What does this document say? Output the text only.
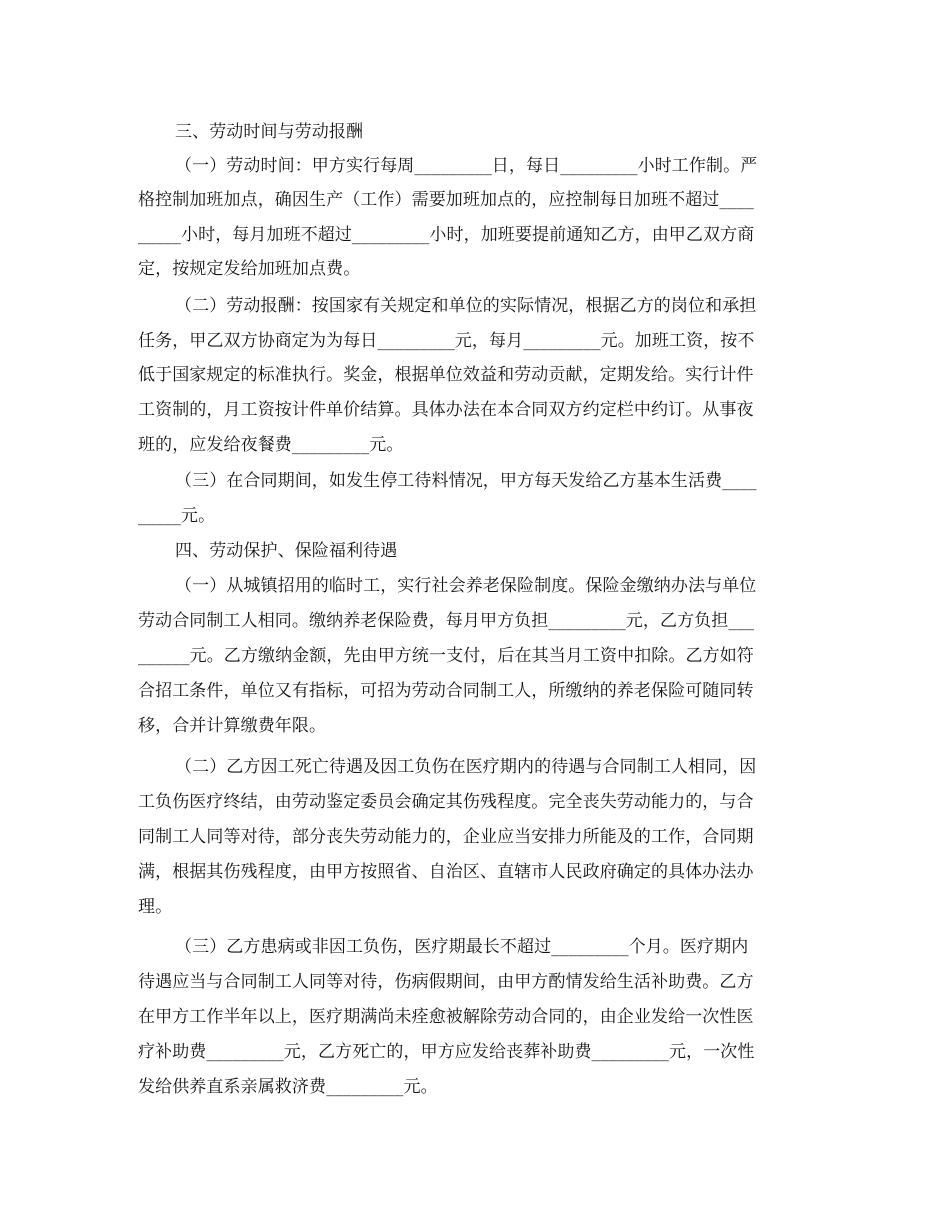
三、劳动时间与劳动报酬
（一）劳动时间：甲方实行每周_________日，每日_________小时工作制。严
格控制加班加点，确因生产（工作）需要加班加点的，应控制每日加班不超过____
_____小时，每月加班不超过_________小时，加班要提前通知乙方，由甲乙双方商
定，按规定发给加班加点费。
（二）劳动报酬：按国家有关规定和单位的实际情况，根据乙方的岗位和承担
任务，甲乙双方协商定为为每日_________元，每月_________元。加班工资，按不
低于国家规定的标准执行。奖金，根据单位效益和劳动贡献，定期发给。实行计件
工资制的，月工资按计件单价结算。具体办法在本合同双方约定栏中约订。从事夜
班的，应发给夜餐费_________元。
（三）在合同期间，如发生停工待料情况，甲方每天发给乙方基本生活费____
_____元。
四、劳动保护、保险福利待遇
（一）从城镇招用的临时工，实行社会养老保险制度。保险金缴纳办法与单位
劳动合同制工人相同。缴纳养老保险费，每月甲方负担_________元，乙方负担___
______元。乙方缴纳金额，先由甲方统一支付，后在其当月工资中扣除。乙方如符
合招工条件，单位又有指标，可招为劳动合同制工人，所缴纳的养老保险可随同转
移，合并计算缴费年限。
（二）乙方因工死亡待遇及因工负伤在医疗期内的待遇与合同制工人相同，因
工负伤医疗终结，由劳动鉴定委员会确定其伤残程度。完全丧失劳动能力的，与合
同制工人同等对待，部分丧失劳动能力的，企业应当安排力所能及的工作，合同期
满，根据其伤残程度，由甲方按照省、自治区、直辖市人民政府确定的具体办法办
理。
（三）乙方患病或非因工负伤，医疗期最长不超过_________个月。医疗期内
待遇应当与合同制工人同等对待，伤病假期间，由甲方酌情发给生活补助费。乙方
在甲方工作半年以上，医疗期满尚未痊愈被解除劳动合同的，由企业发给一次性医
疗补助费_________元，乙方死亡的，甲方应发给丧葬补助费_________元，一次性
发给供养直系亲属救济费_________元。
